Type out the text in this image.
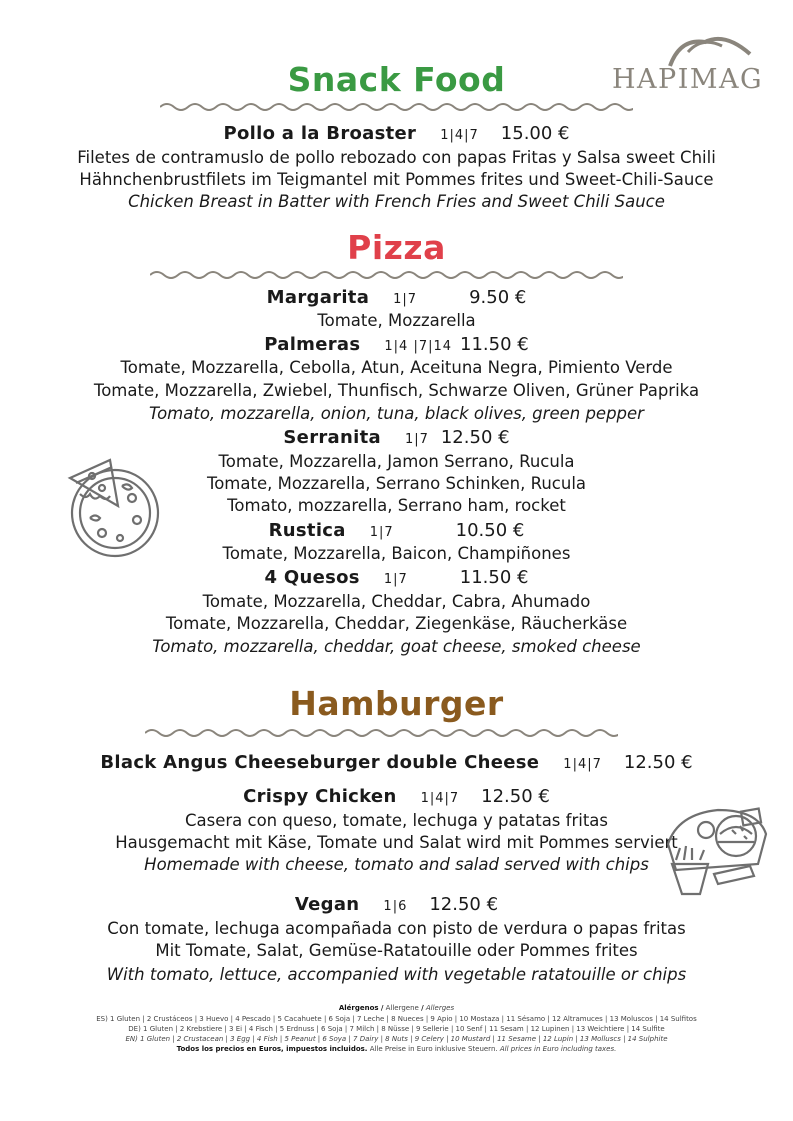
HAPIMAG
Snack Food
Pollo a la Broaster 1|4|7 15.00 €
Filetes de contramuslo de pollo rebozado con papas Fritas y Salsa sweet Chili
Hähnchenbrustfilets im Teigmantel mit Pommes frites und Sweet-Chili-Sauce
Chicken Breast in Batter with French Fries and Sweet Chili Sauce
Pizza
Margarita 1|7	9.50 €
Tomate, Mozzarella
Palmeras 1|4 |7|14 11.50 €
Tomate, Mozzarella, Cebolla, Atun, Aceituna Negra, Pimiento Verde
Tomate, Mozzarella, Zwiebel, Thunfisch, Schwarze Oliven, Grüner Paprika
Tomato, mozzarella, onion, tuna, black olives, green pepper
Serranita 1|7 12.50 €
Tomate, Mozzarella, Jamon Serrano, Rucula
Tomate, Mozzarella, Serrano Schinken, Rucula
Tomato, mozzarella, Serrano ham, rocket
Rustica 1|7	10.50 €
Tomate, Mozzarella, Baicon, Champiñones
4 Quesos 1|7	11.50 €
Tomate, Mozzarella, Cheddar, Cabra, Ahumado
Tomate, Mozzarella, Cheddar, Ziegenkäse, Räucherkäse
Tomato, mozzarella, cheddar, goat cheese, smoked cheese
Hamburger
Black Angus Cheeseburger double Cheese 1|4|7 12.50 €
Crispy Chicken 1|4|7 12.50 €
Casera con queso, tomate, lechuga y patatas fritas
Hausgemacht mit Käse, Tomate und Salat wird mit Pommes serviert
Homemade with cheese, tomato and salad served with chips
Vegan 1|6 12.50 €
Con tomate, lechuga acompañada con pisto de verdura o papas fritas
Mit Tomate, Salat, Gemüse-Ratatouille oder Pommes frites
With tomato, lettuce, accompanied with vegetable ratatouille or chips
Alérgenos / Allergene / Allerges
ES) 1 Gluten | 2 Crustáceos | 3 Huevo | 4 Pescado | 5 Cacahuete | 6 Soja | 7 Leche | 8 Nueces | 9 Apio | 10 Mostaza | 11 Sésamo | 12 Altramuces | 13 Moluscos | 14 Sulfitos
DE) 1 Gluten | 2 Krebstiere | 3 Ei | 4 Fisch | 5 Erdnuss | 6 Soja | 7 Milch | 8 Nüsse | 9 Sellerie | 10 Senf | 11 Sesam | 12 Lupinen | 13 Weichtiere | 14 Sulfite
EN) 1 Gluten | 2 Crustacean | 3 Egg | 4 Fish | 5 Peanut | 6 Soya | 7 Dairy | 8 Nuts | 9 Celery | 10 Mustard | 11 Sesame | 12 Lupin | 13 Molluscs | 14 Sulphite
Todos los precios en Euros, impuestos incluidos. Alle Preise in Euro inklusive Steuern. All prices in Euro including taxes.
